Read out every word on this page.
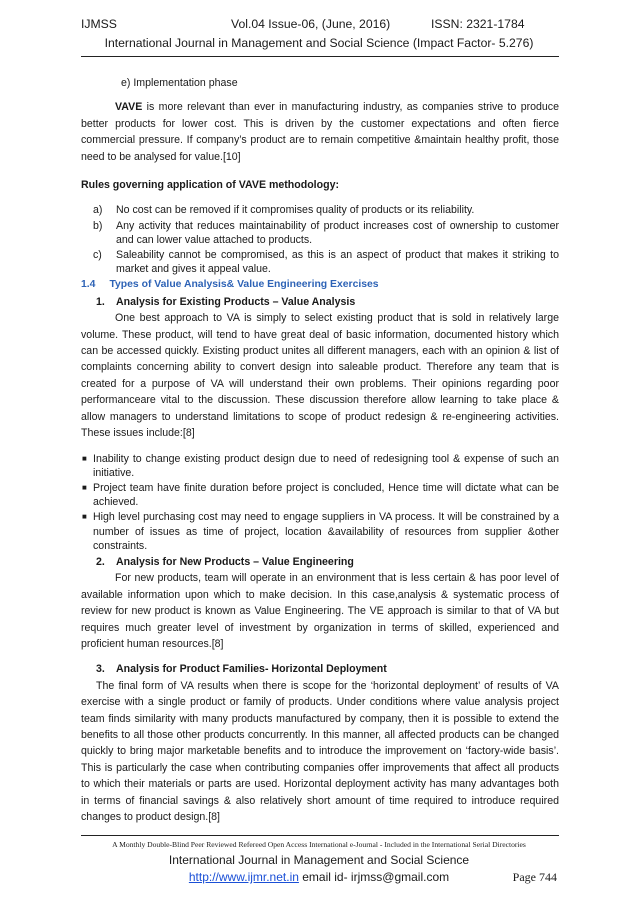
IJMSS	Vol.04 Issue-06, (June, 2016)	ISSN: 2321-1784
International Journal in Management and Social Science (Impact Factor- 5.276)

e) Implementation phase

VAVE is more relevant than ever in manufacturing industry, as companies strive to produce better products for lower cost. This is driven by the customer expectations and often fierce commercial pressure. If company’s product are to remain competitive &maintain healthy profit, those need to be analysed for value.[10]

Rules governing application of VAVE methodology:

a) No cost can be removed if it compromises quality of products or its reliability.
b) Any activity that reduces maintainability of product increases cost of ownership to customer and can lower value attached to products.
c) Saleability cannot be compromised, as this is an aspect of product that makes it striking to market and gives it appeal value.

1.4 Types of Value Analysis& Value Engineering Exercises

1. Analysis for Existing Products – Value Analysis

One best approach to VA is simply to select existing product that is sold in relatively large volume. These product, will tend to have great deal of basic information, documented history which can be accessed quickly. Existing product unites all different managers, each with an opinion & list of complaints concerning ability to convert design into saleable product. Therefore any team that is created for a purpose of VA will understand their own problems. Their opinions regarding poor performanceare vital to the discussion. These discussion therefore allow learning to take place & allow managers to understand limitations to scope of product redesign & re-engineering activities. These issues include:[8]

■ Inability to change existing product design due to need of redesigning tool & expense of such an initiative.
■ Project team have finite duration before project is concluded, Hence time will dictate what can be achieved.
■ High level purchasing cost may need to engage suppliers in VA process. It will be constrained by a number of issues as time of project, location &availability of resources from supplier &other constraints.

2. Analysis for New Products – Value Engineering

For new products, team will operate in an environment that is less certain & has poor level of available information upon which to make decision. In this case,analysis & systematic process of review for new product is known as Value Engineering. The VE approach is similar to that of VA but requires much greater level of investment by organization in terms of skilled, experienced and proficient human resources.[8]

3. Analysis for Product Families- Horizontal Deployment

The final form of VA results when there is scope for the ‘horizontal deployment’ of results of VA exercise with a single product or family of products. Under conditions where value analysis project team finds similarity with many products manufactured by company, then it is possible to extend the benefits to all those other products concurrently. In this manner, all affected products can be changed quickly to bring major marketable benefits and to introduce the improvement on ‘factory-wide basis’. This is particularly the case when contributing companies offer improvements that affect all products to which their materials or parts are used. Horizontal deployment activity has many advantages both in terms of financial savings & also relatively short amount of time required to introduce required changes to product design.[8]

A Monthly Double-Blind Peer Reviewed Refereed Open Access International e-Journal - Included in the International Serial Directories
International Journal in Management and Social Science
http://www.ijmr.net.in email id- irjmss@gmail.com	Page 744
